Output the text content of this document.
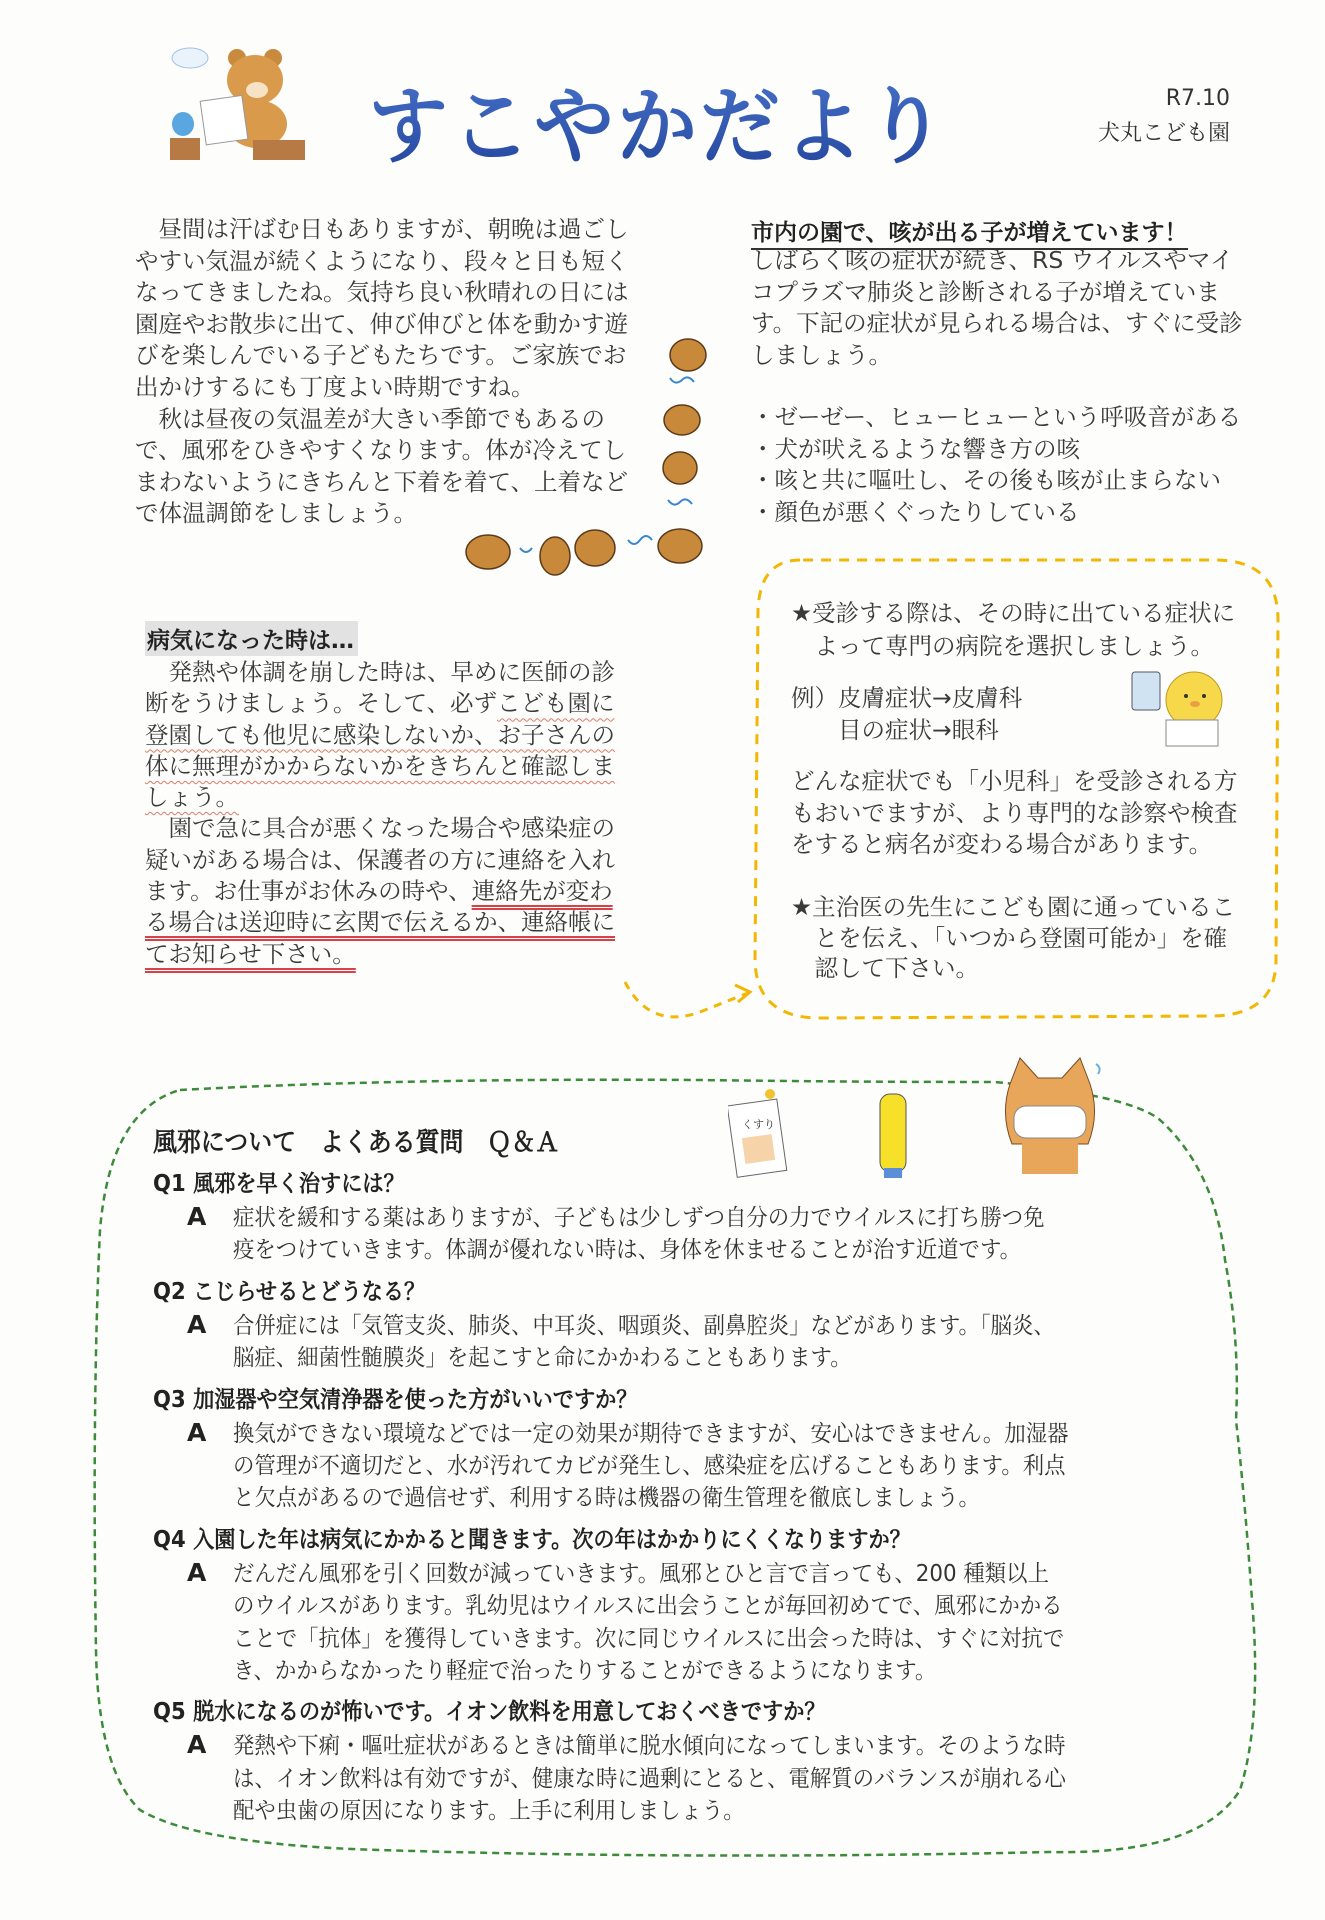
すこやかだより	R7.10
犬丸こども園
　昼間は汗ばむ日もありますが、朝晩は過ごし
やすい気温が続くようになり、段々と日も短く
なってきましたね。気持ち良い秋晴れの日には
園庭やお散歩に出て、伸び伸びと体を動かす遊
びを楽しんでいる子どもたちです。ご家族でお
出かけするにも丁度よい時期ですね。
　秋は昼夜の気温差が大きい季節でもあるの
で、風邪をひきやすくなります。体が冷えてし
まわないようにきちんと下着を着て、上着など
で体温調節をしましょう。
市内の園で、咳が出る子が増えています！
しばらく咳の症状が続き、RS ウイルスやマイ
コプラズマ肺炎と診断される子が増えていま
す。下記の症状が見られる場合は、すぐに受診
しましょう。
・ゼーゼー、ヒューヒューという呼吸音がある
・犬が吠えるような響き方の咳
・咳と共に嘔吐し、その後も咳が止まらない
・顔色が悪くぐったりしている
病気になった時は…
　発熱や体調を崩した時は、早めに医師の診
断をうけましょう。そして、必ずこども園に
登園しても他児に感染しないか、お子さんの
体に無理がかからないかをきちんと確認しま
しょう。
　園で急に具合が悪くなった場合や感染症の
疑いがある場合は、保護者の方に連絡を入れ
ます。お仕事がお休みの時や、連絡先が変わ
る場合は送迎時に玄関で伝えるか、連絡帳に
てお知らせ下さい。
★受診する際は、その時に出ている症状に
　よって専門の病院を選択しましょう。
例）皮膚症状→皮膚科
　　目の症状→眼科
どんな症状でも「小児科」を受診される方
もおいでますが、より専門的な診察や検査
をすると病名が変わる場合があります。
★主治医の先生にこども園に通っているこ
　とを伝え、「いつから登園可能か」を確
　認して下さい。
風邪について　よくある質問　Ｑ＆Ａ
くすり
Q1 風邪を早く治すには？
A 症状を緩和する薬はありますが、子どもは少しずつ自分の力でウイルスに打ち勝つ免
疫をつけていきます。体調が優れない時は、身体を休ませることが治す近道です。
Q2 こじらせるとどうなる？
A 合併症には「気管支炎、肺炎、中耳炎、咽頭炎、副鼻腔炎」などがあります。「脳炎、
脳症、細菌性髄膜炎」を起こすと命にかかわることもあります。
Q3 加湿器や空気清浄器を使った方がいいですか？
A 換気ができない環境などでは一定の効果が期待できますが、安心はできません。加湿器
の管理が不適切だと、水が汚れてカビが発生し、感染症を広げることもあります。利点
と欠点があるので過信せず、利用する時は機器の衛生管理を徹底しましょう。
Q4 入園した年は病気にかかると聞きます。次の年はかかりにくくなりますか？
A だんだん風邪を引く回数が減っていきます。風邪とひと言で言っても、200 種類以上
のウイルスがあります。乳幼児はウイルスに出会うことが毎回初めてで、風邪にかかる
ことで「抗体」を獲得していきます。次に同じウイルスに出会った時は、すぐに対抗で
き、かからなかったり軽症で治ったりすることができるようになります。
Q5 脱水になるのが怖いです。イオン飲料を用意しておくべきですか？
A 発熱や下痢・嘔吐症状があるときは簡単に脱水傾向になってしまいます。そのような時
は、イオン飲料は有効ですが、健康な時に過剰にとると、電解質のバランスが崩れる心
配や虫歯の原因になります。上手に利用しましょう。
